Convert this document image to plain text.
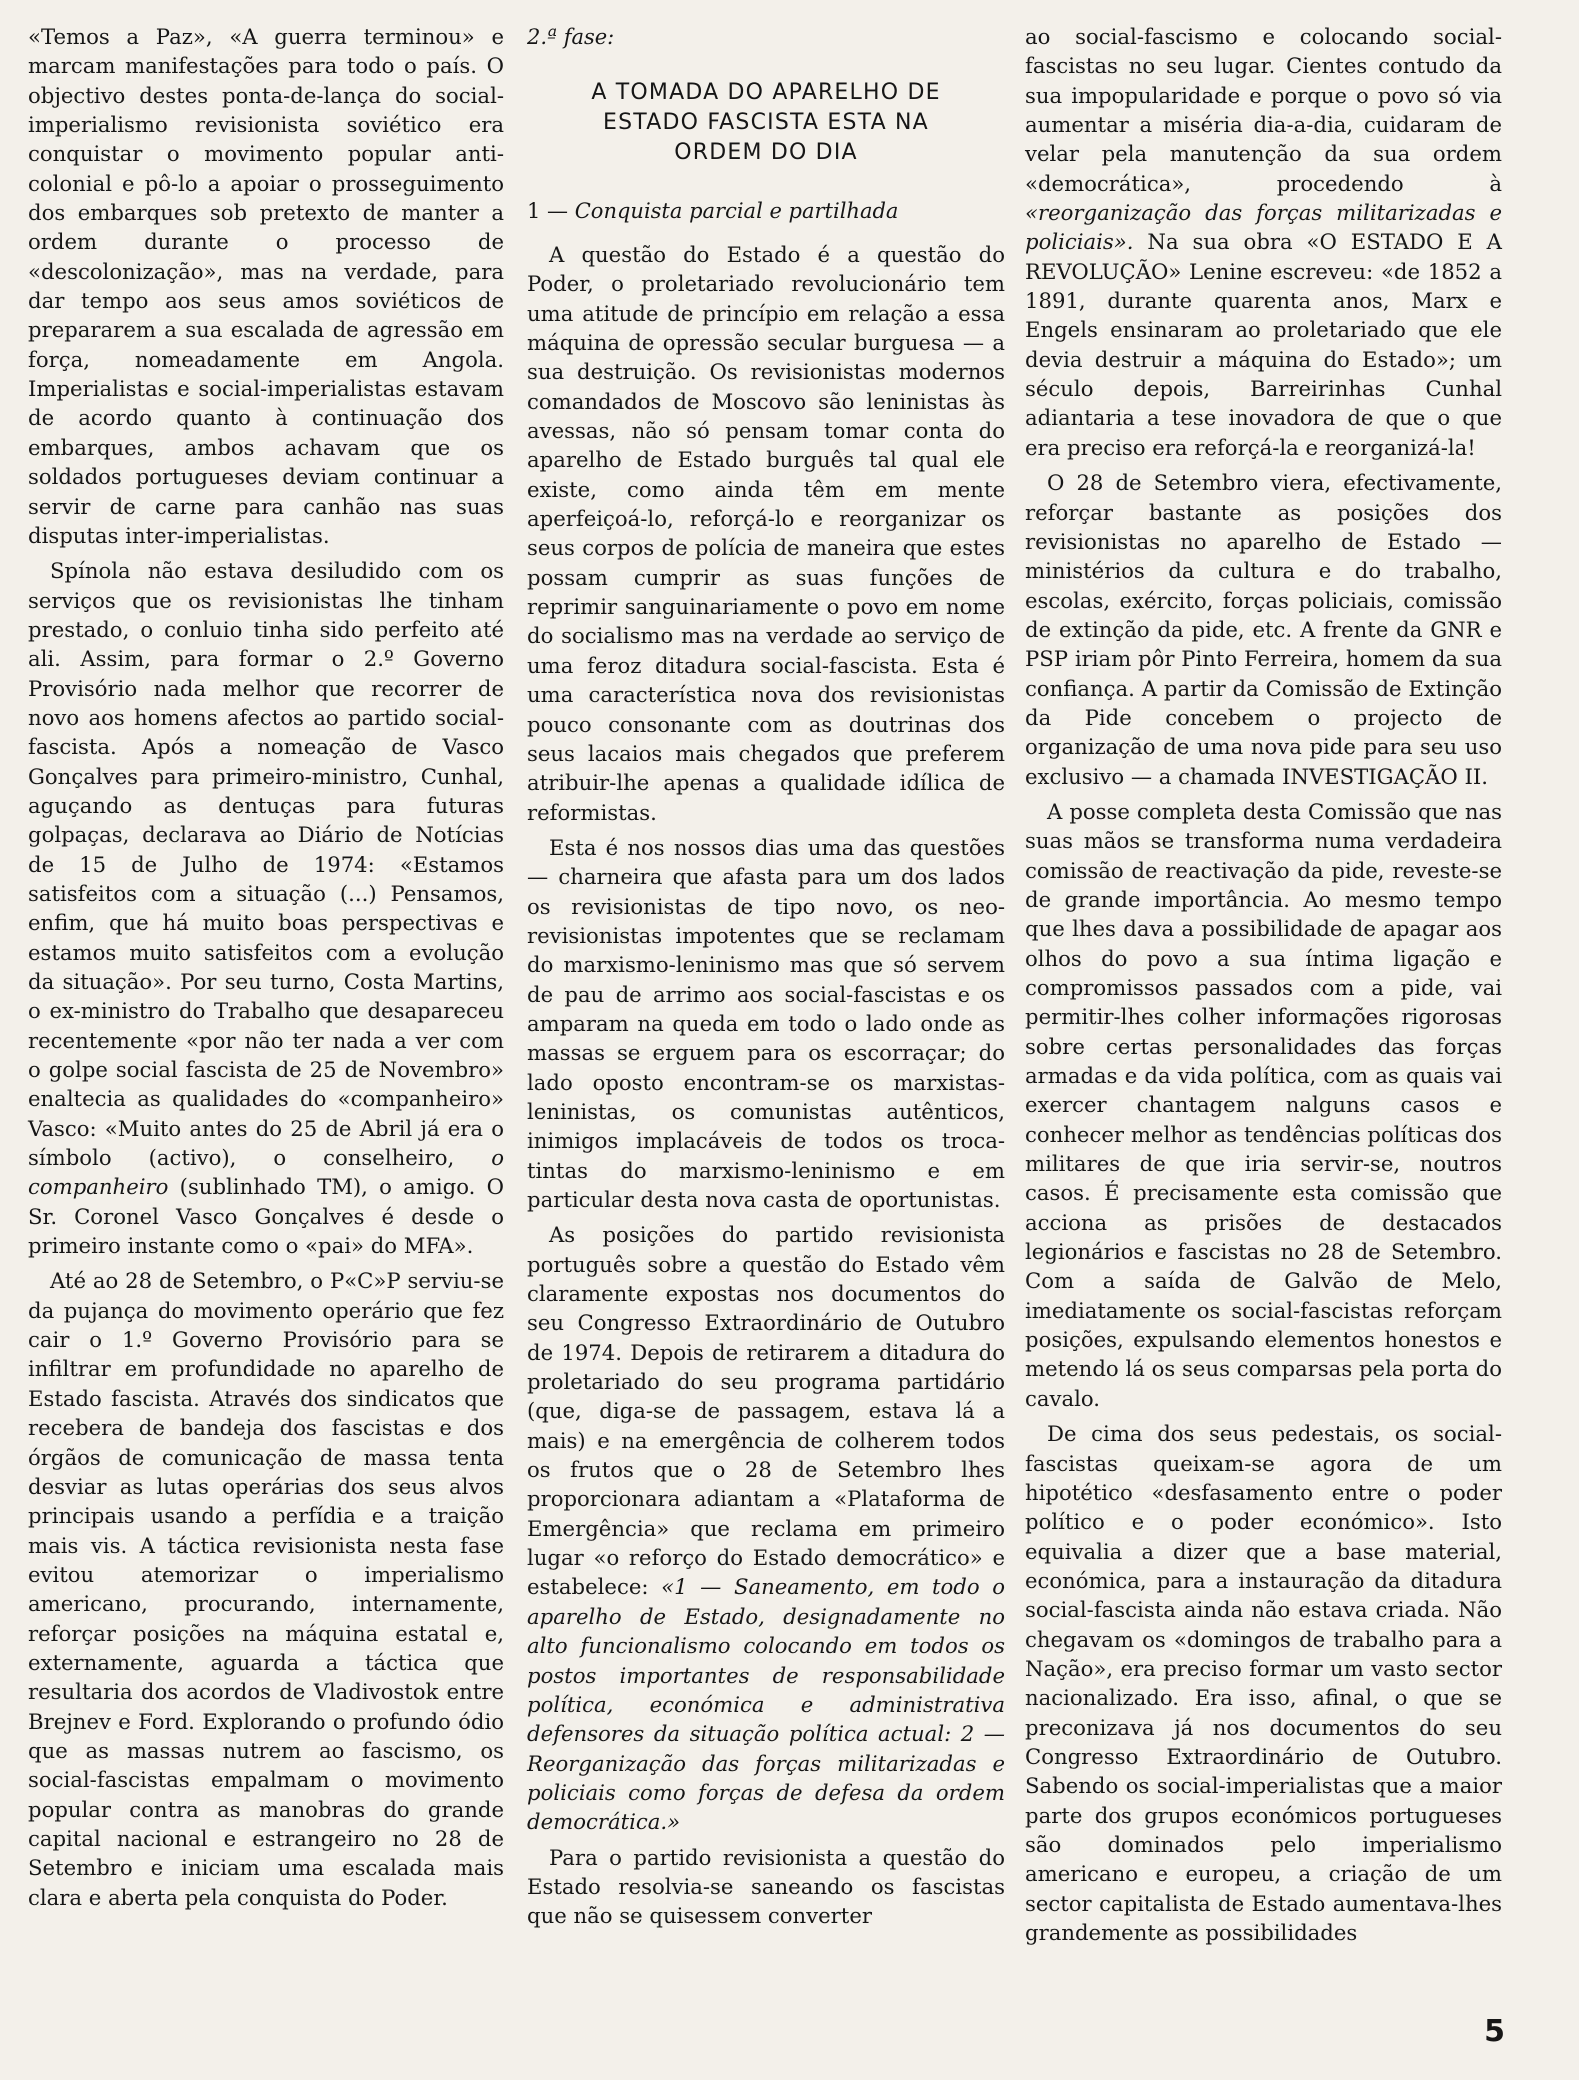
«Temos a Paz», «A guerra terminou» e marcam manifestações para todo o país. O objectivo destes ponta-de-lança do social-imperialismo revisionista soviético era conquistar o movimento popular anti-colonial e pô-lo a apoiar o prosseguimento dos embarques sob pretexto de manter a ordem durante o processo de «descolonização», mas na verdade, para dar tempo aos seus amos soviéticos de prepararem a sua escalada de agressão em força, nomeadamente em Angola. Imperialistas e social-imperialistas estavam de acordo quanto à continuação dos embarques, ambos achavam que os soldados portugueses deviam continuar a servir de carne para canhão nas suas disputas inter-imperialistas.

Spínola não estava desiludido com os serviços que os revisionistas lhe tinham prestado, o conluio tinha sido perfeito até ali. Assim, para formar o 2.º Governo Provisório nada melhor que recorrer de novo aos homens afectos ao partido social-fascista. Após a nomeação de Vasco Gonçalves para primeiro-ministro, Cunhal, aguçando as dentuças para futuras golpaças, declarava ao Diário de Notícias de 15 de Julho de 1974: «Estamos satisfeitos com a situação (...) Pensamos, enfim, que há muito boas perspectivas e estamos muito satisfeitos com a evolução da situação». Por seu turno, Costa Martins, o ex-ministro do Trabalho que desapareceu recentemente «por não ter nada a ver com o golpe social fascista de 25 de Novembro» enaltecia as qualidades do «companheiro» Vasco: «Muito antes do 25 de Abril já era o símbolo (activo), o conselheiro, o companheiro (sublinhado TM), o amigo. O Sr. Coronel Vasco Gonçalves é desde o primeiro instante como o «pai» do MFA».

Até ao 28 de Setembro, o P«C»P serviu-se da pujança do movimento operário que fez cair o 1.º Governo Provisório para se infiltrar em profundidade no aparelho de Estado fascista. Através dos sindicatos que recebera de bandeja dos fascistas e dos órgãos de comunicação de massa tenta desviar as lutas operárias dos seus alvos principais usando a perfídia e a traição mais vis. A táctica revisionista nesta fase evitou atemorizar o imperialismo americano, procurando, internamente, reforçar posições na máquina estatal e, externamente, aguarda a táctica que resultaria dos acordos de Vladivostok entre Brejnev e Ford. Explorando o profundo ódio que as massas nutrem ao fascismo, os social-fascistas empalmam o movimento popular contra as manobras do grande capital nacional e estrangeiro no 28 de Setembro e iniciam uma escalada mais clara e aberta pela conquista do Poder.

2.ª fase:
A TOMADA DO APARELHO DE
ESTADO FASCISTA ESTA NA
ORDEM DO DIA
1 — Conquista parcial e partilhada

A questão do Estado é a questão do Poder, o proletariado revolucionário tem uma atitude de princípio em relação a essa máquina de opressão secular burguesa — a sua destruição. Os revisionistas modernos comandados de Moscovo são leninistas às avessas, não só pensam tomar conta do aparelho de Estado burguês tal qual ele existe, como ainda têm em mente aperfeiçoá-lo, reforçá-lo e reorganizar os seus corpos de polícia de maneira que estes possam cumprir as suas funções de reprimir sanguinariamente o povo em nome do socialismo mas na verdade ao serviço de uma feroz ditadura social-fascista. Esta é uma característica nova dos revisionistas pouco consonante com as doutrinas dos seus lacaios mais chegados que preferem atribuir-lhe apenas a qualidade idílica de reformistas.

Esta é nos nossos dias uma das questões — charneira que afasta para um dos lados os revisionistas de tipo novo, os neo-revisionistas impotentes que se reclamam do marxismo-leninismo mas que só servem de pau de arrimo aos social-fascistas e os amparam na queda em todo o lado onde as massas se erguem para os escorraçar; do lado oposto encontram-se os marxistas-leninistas, os comunistas autênticos, inimigos implacáveis de todos os troca-tintas do marxismo-leninismo e em particular desta nova casta de oportunistas.

As posições do partido revisionista português sobre a questão do Estado vêm claramente expostas nos documentos do seu Congresso Extraordinário de Outubro de 1974. Depois de retirarem a ditadura do proletariado do seu programa partidário (que, diga-se de passagem, estava lá a mais) e na emergência de colherem todos os frutos que o 28 de Setembro lhes proporcionara adiantam a «Plataforma de Emergência» que reclama em primeiro lugar «o reforço do Estado democrático» e estabelece: «1 — Saneamento, em todo o aparelho de Estado, designadamente no alto funcionalismo colocando em todos os postos importantes de responsabilidade política, económica e administrativa defensores da situação política actual: 2 — Reorganização das forças militarizadas e policiais como forças de defesa da ordem democrática.»

Para o partido revisionista a questão do Estado resolvia-se saneando os fascistas que não se quisessem converter

ao social-fascismo e colocando social-fascistas no seu lugar. Cientes contudo da sua impopularidade e porque o povo só via aumentar a miséria dia-a-dia, cuidaram de velar pela manutenção da sua ordem «democrática», procedendo à «reorganização das forças militarizadas e policiais». Na sua obra «O ESTADO E A REVOLUÇÃO» Lenine escreveu: «de 1852 a 1891, durante quarenta anos, Marx e Engels ensinaram ao proletariado que ele devia destruir a máquina do Estado»; um século depois, Barreirinhas Cunhal adiantaria a tese inovadora de que o que era preciso era reforçá-la e reorganizá-la!

O 28 de Setembro viera, efectivamente, reforçar bastante as posições dos revisionistas no aparelho de Estado — ministérios da cultura e do trabalho, escolas, exército, forças policiais, comissão de extinção da pide, etc. A frente da GNR e PSP iriam pôr Pinto Ferreira, homem da sua confiança. A partir da Comissão de Extinção da Pide concebem o projecto de organização de uma nova pide para seu uso exclusivo — a chamada INVESTIGAÇÃO II.

A posse completa desta Comissão que nas suas mãos se transforma numa verdadeira comissão de reactivação da pide, reveste-se de grande importância. Ao mesmo tempo que lhes dava a possibilidade de apagar aos olhos do povo a sua íntima ligação e compromissos passados com a pide, vai permitir-lhes colher informações rigorosas sobre certas personalidades das forças armadas e da vida política, com as quais vai exercer chantagem nalguns casos e conhecer melhor as tendências políticas dos militares de que iria servir-se, noutros casos. É precisamente esta comissão que acciona as prisões de destacados legionários e fascistas no 28 de Setembro. Com a saída de Galvão de Melo, imediatamente os social-fascistas reforçam posições, expulsando elementos honestos e metendo lá os seus comparsas pela porta do cavalo.

De cima dos seus pedestais, os social-fascistas queixam-se agora de um hipotético «desfasamento entre o poder político e o poder económico». Isto equivalia a dizer que a base material, económica, para a instauração da ditadura social-fascista ainda não estava criada. Não chegavam os «domingos de trabalho para a Nação», era preciso formar um vasto sector nacionalizado. Era isso, afinal, o que se preconizava já nos documentos do seu Congresso Extraordinário de Outubro. Sabendo os social-imperialistas que a maior parte dos grupos económicos portugueses são dominados pelo imperialismo americano e europeu, a criação de um sector capitalista de Estado aumentava-lhes grandemente as possibilidades

5
